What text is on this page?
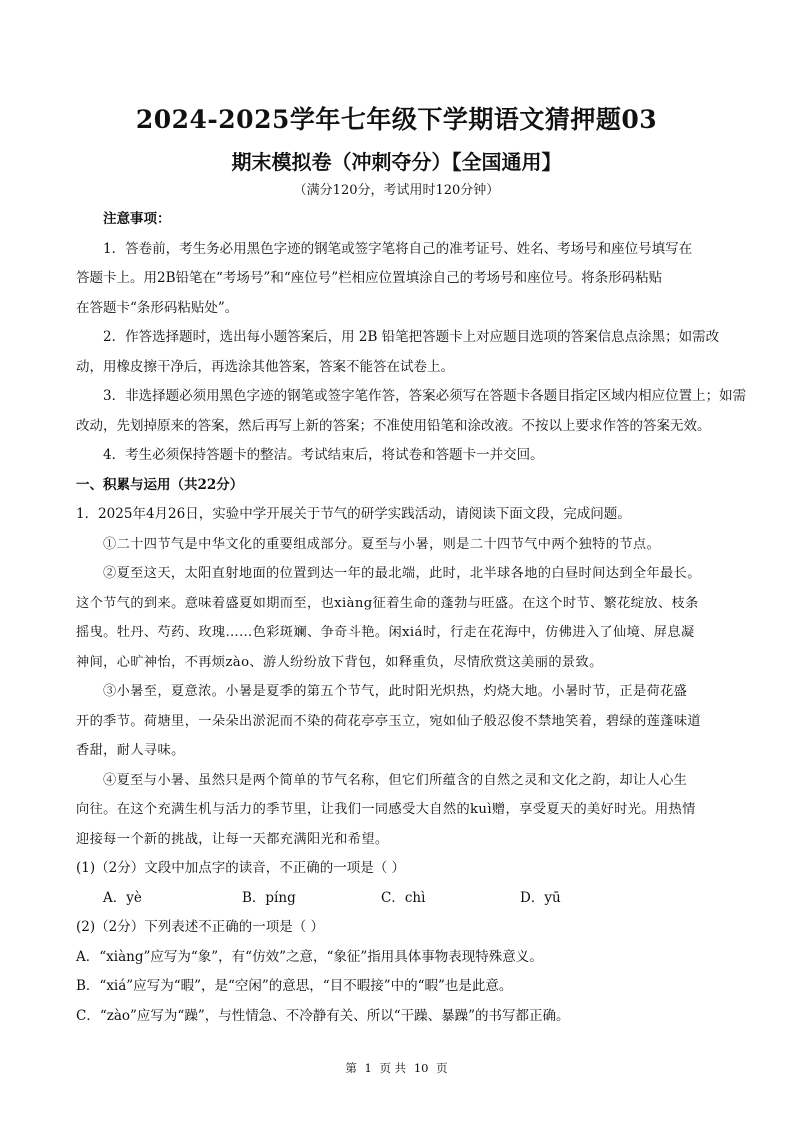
2024-2025学年七年级下学期语文猜押题03
期末模拟卷（冲刺夺分）【全国通用】
（满分120分，考试用时120分钟）
注意事项：
1．答卷前，考生务必用黑色字迹的钢笔或签字笔将自己的准考证号、姓名、考场号和座位号填写在
答题卡上。用2B铅笔在“考场号”和“座位号”栏相应位置填涂自己的考场号和座位号。将条形码粘贴
在答题卡“条形码粘贴处”。
2．作答选择题时，选出每小题答案后，用 2B 铅笔把答题卡上对应题目选项的答案信息点涂黑；如需改
动，用橡皮擦干净后，再选涂其他答案，答案不能答在试卷上。
3．非选择题必须用黑色字迹的钢笔或签字笔作答，答案必须写在答题卡各题目指定区域内相应位置上；如需
改动，先划掉原来的答案，然后再写上新的答案；不准使用铅笔和涂改液。不按以上要求作答的答案无效。
4．考生必须保持答题卡的整洁。考试结束后，将试卷和答题卡一并交回。
一、积累与运用（共22分）
1．2025年4月26日，实验中学开展关于节气的研学实践活动，请阅读下面文段，完成问题。
①二十四节气是中华文化的重要组成部分。夏至与小暑，则是二十四节气中两个独特的节点。
②夏至这天，太阳直射地面的位置到达一年的最北端，此时，北半球各地的白昼时间达到全年最长。
这个节气的到来。意味着盛夏如期而至，也xiàng征着生命的蓬勃与旺盛。在这个时节、繁花绽放、枝条
摇曳。牡丹、芍药、玫瑰……色彩斑斓、争奇斗艳。闲xiá时，行走在花海中，仿佛进入了仙境、屏息凝
神间，心旷神怡，不再烦zào、游人纷纷放下背包，如释重负，尽情欣赏这美丽的景致。
③小暑至，夏意浓。小暑是夏季的第五个节气，此时阳光炽热，灼烧大地。小暑时节，正是荷花盛
开的季节。荷塘里，一朵朵出淤泥而不染的荷花亭亭玉立，宛如仙子般忍俊不禁地笑着，碧绿的莲蓬味道
香甜，耐人寻味。
④夏至与小暑、虽然只是两个简单的节气名称，但它们所蕴含的自然之灵和文化之韵，却让人心生
向往。在这个充满生机与活力的季节里，让我们一同感受大自然的kuì赠，享受夏天的美好时光。用热情
迎接每一个新的挑战，让每一天都充满阳光和希望。
(1)（2分）文段中加点字的读音，不正确的一项是（ ）
A．yè	B．píng	C．chì	D．yū
(2)（2分）下列表述不正确的一项是（ ）
A．“xiàng”应写为“象”，有“仿效”之意，“象征”指用具体事物表现特殊意义。
B．“xiá”应写为“暇”，是“空闲”的意思，“目不暇接”中的“暇”也是此意。
C．“zào”应写为“躁”，与性情急、不冷静有关、所以“干躁、暴躁”的书写都正确。
第 1 页 共 10 页
